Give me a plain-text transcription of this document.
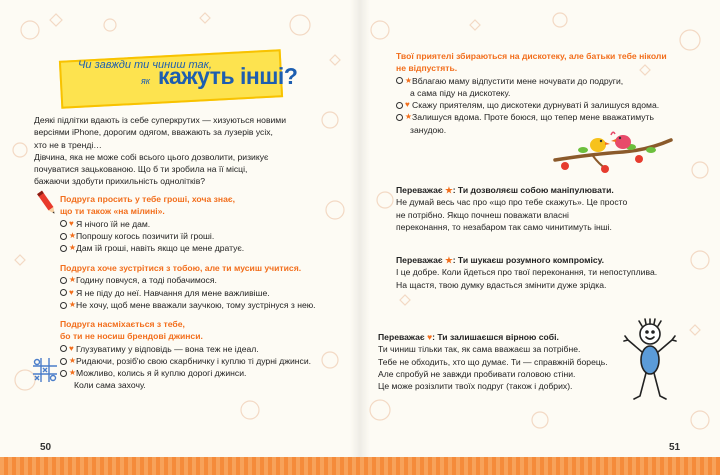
Чи завжди ти чиниш так,
як кажуть інші?
Деякі підлітки вдають із себе суперкрутих — хизуються новими
версіями iPhone, дорогим одягом, вважають за лузерів усіх,
хто не в тренді…
Дівчина, яка не може собі всього цього дозволити, ризикує
почуватися зацькованою. Що б ти зробила на її місці,
бажаючи здобути прихильність однолітків?
Подруга просить у тебе гроші, хоча знає,
що ти також «на мілині».
♥ Я нічого їй не дам.
★ Попрошу когось позичити їй гроші.
★ Дам їй гроші, навіть якщо це мене дратує.
Подруга хоче зустрітися з тобою, але ти мусиш учитися.
★ Годину повчуся, а тоді побачимося.
♥ Я не піду до неї. Навчання для мене важливіше.
★ Не хочу, щоб мене вважали заучкою, тому зустрінуся з нею.
Подруга насміхається з тебе,
бо ти не носиш брендові джинси.
♥ Глузуватиму у відповідь — вона теж не ідеал.
★ Ридаючи, розіб'ю свою скарбничку і куплю ті дурні джинси.
★ Можливо, колись я й куплю дорогі джинси.
Коли сама захочу.
50
Твої приятелі збираються на дискотеку, але батьки тебе ніколи
не відпустять.
★ Вблагаю маму відпустити мене ночувати до подруги,
а сама піду на дискотеку.
♥ Скажу приятелям, що дискотеки дурнуваті й залишуся вдома.
★ Залишуся вдома. Проте боюся, що тепер мене вважатимуть
занудою.
Переважає ★: Ти дозволяєш собою маніпулювати.
Не думай весь час про «що про тебе скажуть». Це просто
не потрібно. Якщо почнеш поважати власні
переконання, то незабаром так само чинитимуть інші.
Переважає ★: Ти шукаєш розумного компромісу.
І це добре. Коли йдеться про твої переконання, ти непоступлива.
На щастя, твою думку вдасться змінити дуже зрідка.
Переважає ♥: Ти залишаєшся вірною собі.
Ти чиниш тільки так, як сама вважаєш за потрібне.
Тебе не обходить, хто що думає. Ти — справжній борець.
Але спробуй не завжди пробивати головою стіни.
Це може розізлити твоїх подруг (також і добрих).
51
